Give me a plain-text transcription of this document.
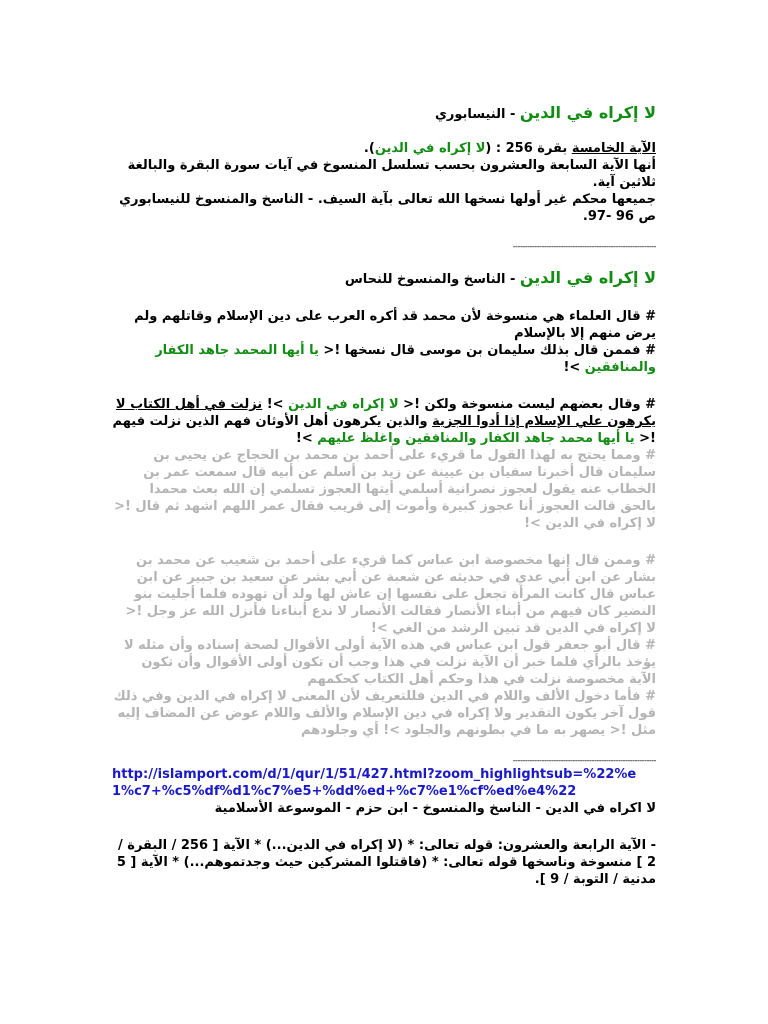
لا إكراه في الدين - النيسابوري

الآية الخامسة بقرة 256 : (لا إكراه في الدين).

أنها الآية السابعة والعشرون بحسب تسلسل المنسوخ في آيات سورة البقرة والبالغة ثلاثين آية.

جميعها محكم غير أولها نسخها الله تعالى بآية السيف. - الناسخ والمنسوخ للنيسابوري ص 96 -97.

------------------------------------------------------------

لا إكراه في الدين - الناسخ والمنسوخ للنحاس

# قال العلماء هي منسوخة لأن محمد قد أكره العرب على دين الإسلام وقاتلهم ولم يرض منهم إلا بالإسلام

# فممن قال بذلك سليمان بن موسى قال نسخها !< يا أيها المحمد جاهد الكفار والمنافقين >!

# وقال بعضهم ليست منسوخة ولكن !< لا إكراه في الدين >! نزلت في أهل الكتاب لا يكرهون علي الإسلام إذا أدوا الجزية والذين يكرهون أهل الأوثان فهم الذين نزلت فيهم !< يا أيها محمد جاهد الكفار والمنافقين واغلظ عليهم >!

# ومما يحتج به لهذا القول ما قريء على أحمد بن محمد بن الحجاج عن يحيى بن سليمان قال أخبرنا سفيان بن عيينة عن زيد بن أسلم عن أبيه قال سمعت عمر بن الخطاب عنه يقول لعجوز نصرانية أسلمي أيتها العجوز تسلمي إن الله بعث محمدا بالحق قالت العجوز أنا عجوز كبيرة وأموت إلى قريب فقال عمر اللهم اشهد ثم قال !< لا إكراه في الدين >!

# وممن قال إنها مخصوصة ابن عباس كما قريء على أحمد بن شعيب عن محمد بن بشار عن ابن أبي عدي في حديثه عن شعبة عن أبي بشر عن سعيد بن جبير عن ابن عباس قال كانت المرأة تجعل على نفسها إن عاش لها ولد أن تهوده فلما أجليت بنو النضير كان فيهم من أبناء الأنصار فقالت الأنصار لا ندع أبناءنا فأنزل الله عز وجل !< لا إكراه في الدين قد تبين الرشد من الغي >!

# قال أبو جعفر قول ابن عباس في هذه الآية أولى الأقوال لصحة إسناده وأن مثله لا يؤخذ بالرأي فلما خبر أن الآية نزلت في هذا وجب أن تكون أولى الأقوال وأن تكون الآية مخصوصة نزلت في هذا وحكم أهل الكتاب كحكمهم

# فأما دخول الألف واللام في الدين فللتعريف لأن المعنى لا إكراه في الدين وفي ذلك قول آخر يكون التقدير ولا إكراه في دين الإسلام والألف واللام عوض عن المضاف إليه مثل !< يصهر به ما في بطونهم والجلود >! أي وجلودهم

------------------------------------------------------------
http://islamport.com/d/1/qur/1/51/427.html?zoom_highlightsub=%22%e1%c7+%c5%df%d1%c7%e5+%dd%ed+%c7%e1%cf%ed%e4%22

لا اكراه في الدين - الناسخ والمنسوخ - ابن حزم - الموسوعة الأسلامية

- الآية الرابعة والعشرون: قوله تعالى: * (لا إكراه في الدين...) * الآية [ 256 / البقرة / 2 ] منسوخة وناسخها قوله تعالى: * (فاقتلوا المشركين حيث وجدتموهم...) * الآية [ 5 مدنية / التوبة / 9 ].
